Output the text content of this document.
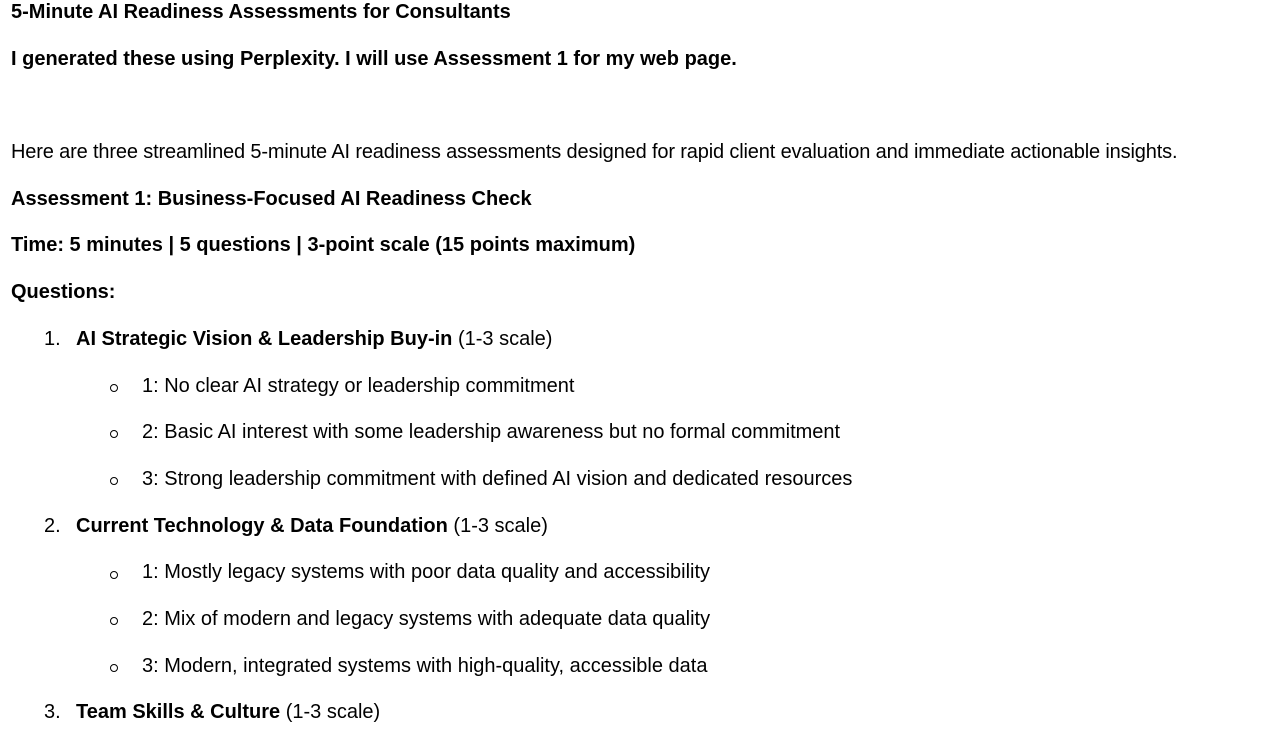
5-Minute AI Readiness Assessments for Consultants
I generated these using Perplexity. I will use Assessment 1 for my web page.
Here are three streamlined 5-minute AI readiness assessments designed for rapid client evaluation and immediate actionable insights.
Assessment 1: Business-Focused AI Readiness Check
Time: 5 minutes | 5 questions | 3-point scale (15 points maximum)
Questions:
1. AI Strategic Vision & Leadership Buy-in (1-3 scale)
1: No clear AI strategy or leadership commitment
2: Basic AI interest with some leadership awareness but no formal commitment
3: Strong leadership commitment with defined AI vision and dedicated resources
2. Current Technology & Data Foundation (1-3 scale)
1: Mostly legacy systems with poor data quality and accessibility
2: Mix of modern and legacy systems with adequate data quality
3: Modern, integrated systems with high-quality, accessible data
3. Team Skills & Culture (1-3 scale)
